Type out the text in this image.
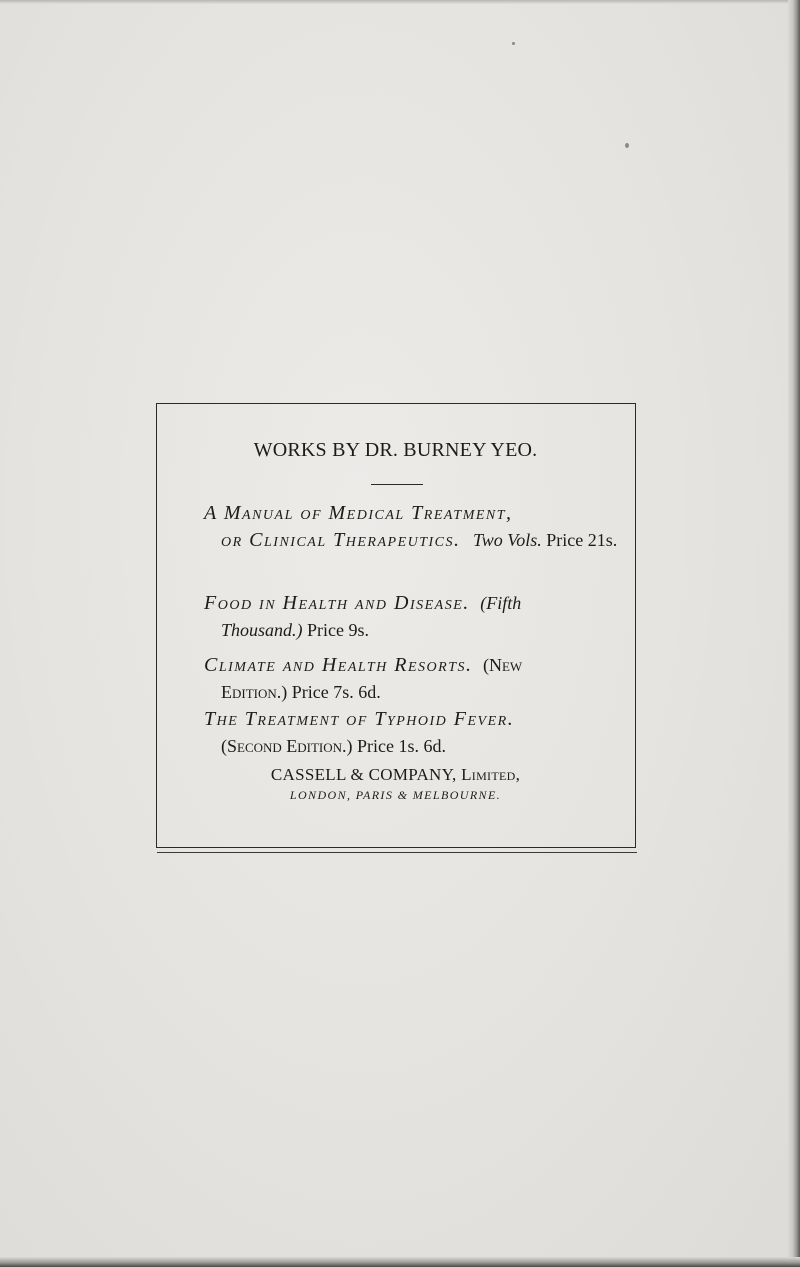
WORKS BY DR. BURNEY YEO.
A Manual of Medical Treatment,
or Clinical Therapeutics. Two Vols. Price 21s.
Food in Health and Disease. (Fifth
Thousand.) Price 9s.
Climate and Health Resorts. (New
Edition.) Price 7s. 6d.
The Treatment of Typhoid Fever.
(Second Edition.) Price 1s. 6d.
CASSELL & COMPANY, Limited,
LONDON, PARIS & MELBOURNE.
